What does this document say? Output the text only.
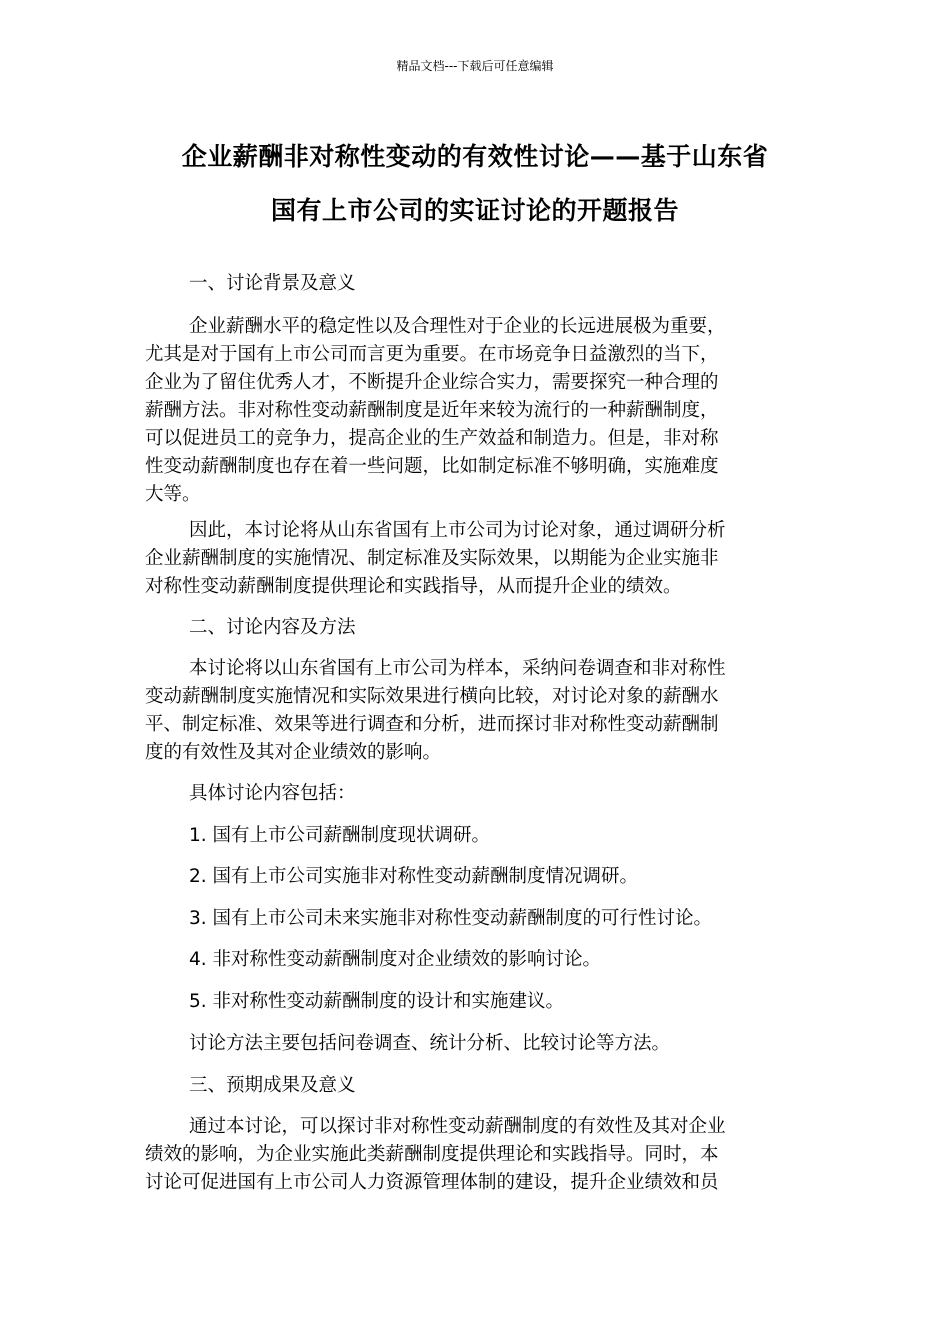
精品文档---下载后可任意编辑
企业薪酬非对称性变动的有效性讨论——基于山东省
国有上市公司的实证讨论的开题报告
一、讨论背景及意义
企业薪酬水平的稳定性以及合理性对于企业的长远进展极为重要，
尤其是对于国有上市公司而言更为重要。在市场竞争日益激烈的当下，
企业为了留住优秀人才，不断提升企业综合实力，需要探究一种合理的
薪酬方法。非对称性变动薪酬制度是近年来较为流行的一种薪酬制度，
可以促进员工的竞争力，提高企业的生产效益和制造力。但是，非对称
性变动薪酬制度也存在着一些问题，比如制定标准不够明确，实施难度
大等。
因此，本讨论将从山东省国有上市公司为讨论对象，通过调研分析
企业薪酬制度的实施情况、制定标准及实际效果，以期能为企业实施非
对称性变动薪酬制度提供理论和实践指导，从而提升企业的绩效。
二、讨论内容及方法
本讨论将以山东省国有上市公司为样本，采纳问卷调查和非对称性
变动薪酬制度实施情况和实际效果进行横向比较，对讨论对象的薪酬水
平、制定标准、效果等进行调查和分析，进而探讨非对称性变动薪酬制
度的有效性及其对企业绩效的影响。
具体讨论内容包括：
1. 国有上市公司薪酬制度现状调研。
2. 国有上市公司实施非对称性变动薪酬制度情况调研。
3. 国有上市公司未来实施非对称性变动薪酬制度的可行性讨论。
4. 非对称性变动薪酬制度对企业绩效的影响讨论。
5. 非对称性变动薪酬制度的设计和实施建议。
讨论方法主要包括问卷调查、统计分析、比较讨论等方法。
三、预期成果及意义
通过本讨论，可以探讨非对称性变动薪酬制度的有效性及其对企业
绩效的影响，为企业实施此类薪酬制度提供理论和实践指导。同时，本
讨论可促进国有上市公司人力资源管理体制的建设，提升企业绩效和员
